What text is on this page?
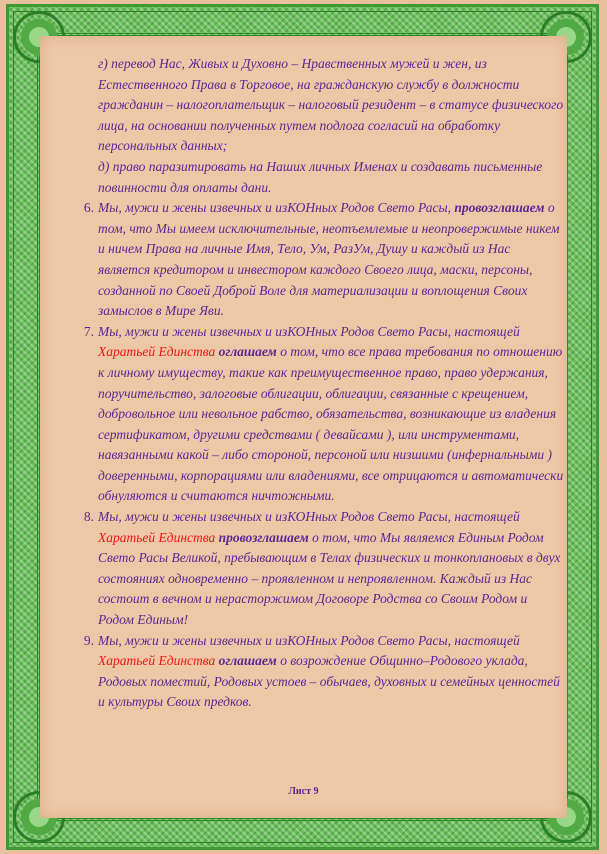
г) перевод Нас, Живых и Духовно – Нравственных мужей и жен, из Естественного Права в Торговое, на гражданскую службу в должности гражданин – налогоплательщик – налоговый резидент – в статусе физического лица, на основании полученных путем подлога согласий на обработку персональных данных;

д) право паразитировать на Наших личных Именах и создавать письменные повинности для оплаты дани.

6. Мы, мужи и жены извечных и изКОНных Родов Свето Расы, провозглашаем о том, что Мы имеем исключительные, неотъемлемые и неопровержимые никем и ничем Права на личные Имя, Тело, Ум, РазУм, Душу и каждый из Нас является кредитором и инвестором каждого Своего лица, маски, персоны, созданной по Своей Доброй Воле для материализации и воплощения Своих замыслов в Мире Яви.
7. Мы, мужи и жены извечных и изКОНных Родов Свето Расы, настоящей Харатьей Единства оглашаем о том, что все права требования по отношению к личному имуществу, такие как преимущественное право, право удержания, поручительство, залоговые облигации, облигации, связанные с крещением, добровольное или невольное рабство, обязательства, возникающие из владения сертификатом, другими средствами ( девайсами ), или инструментами, навязанными какой – либо стороной, персоной или низшими (инфернальными ) доверенными, корпорациями или владениями, все отрицаются и автоматически обнуляются и считаются ничтожными.
8. Мы, мужи и жены извечных и изКОНных Родов Свето Расы, настоящей Харатьей Единства провозглашаем о том, что Мы являемся Единым Родом Свето Расы Великой, пребывающим в Телах физических и тонкоплановых в двух состояниях одновременно – проявленном и непроявленном. Каждый из Нас состоит в вечном и нерасторжимом Договоре Родства со Своим Родом и Родом Единым!
9. Мы, мужи и жены извечных и изКОНных Родов Свето Расы, настоящей Харатьей Единства оглашаем о возрождение Общинно–Родового уклада, Родовых поместий, Родовых устоев – обычаев, духовных и семейных ценностей и культуры Своих предков.
Лист 9
